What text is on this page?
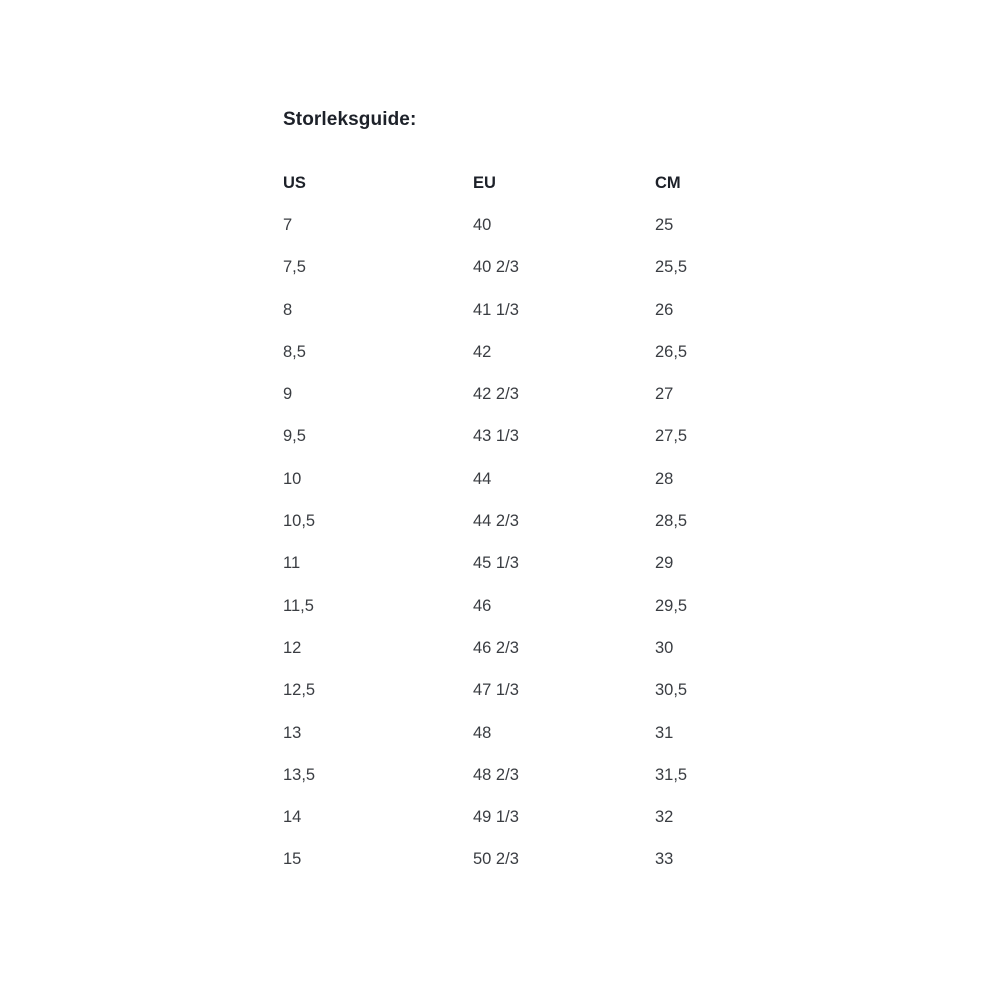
Storleksguide:
US	EU	CM
7	40	25
7,5	40 2/3	25,5
8	41 1/3	26
8,5	42	26,5
9	42 2/3	27
9,5	43 1/3	27,5
10	44	28
10,5	44 2/3	28,5
11	45 1/3	29
11,5	46	29,5
12	46 2/3	30
12,5	47 1/3	30,5
13	48	31
13,5	48 2/3	31,5
14	49 1/3	32
15	50 2/3	33
